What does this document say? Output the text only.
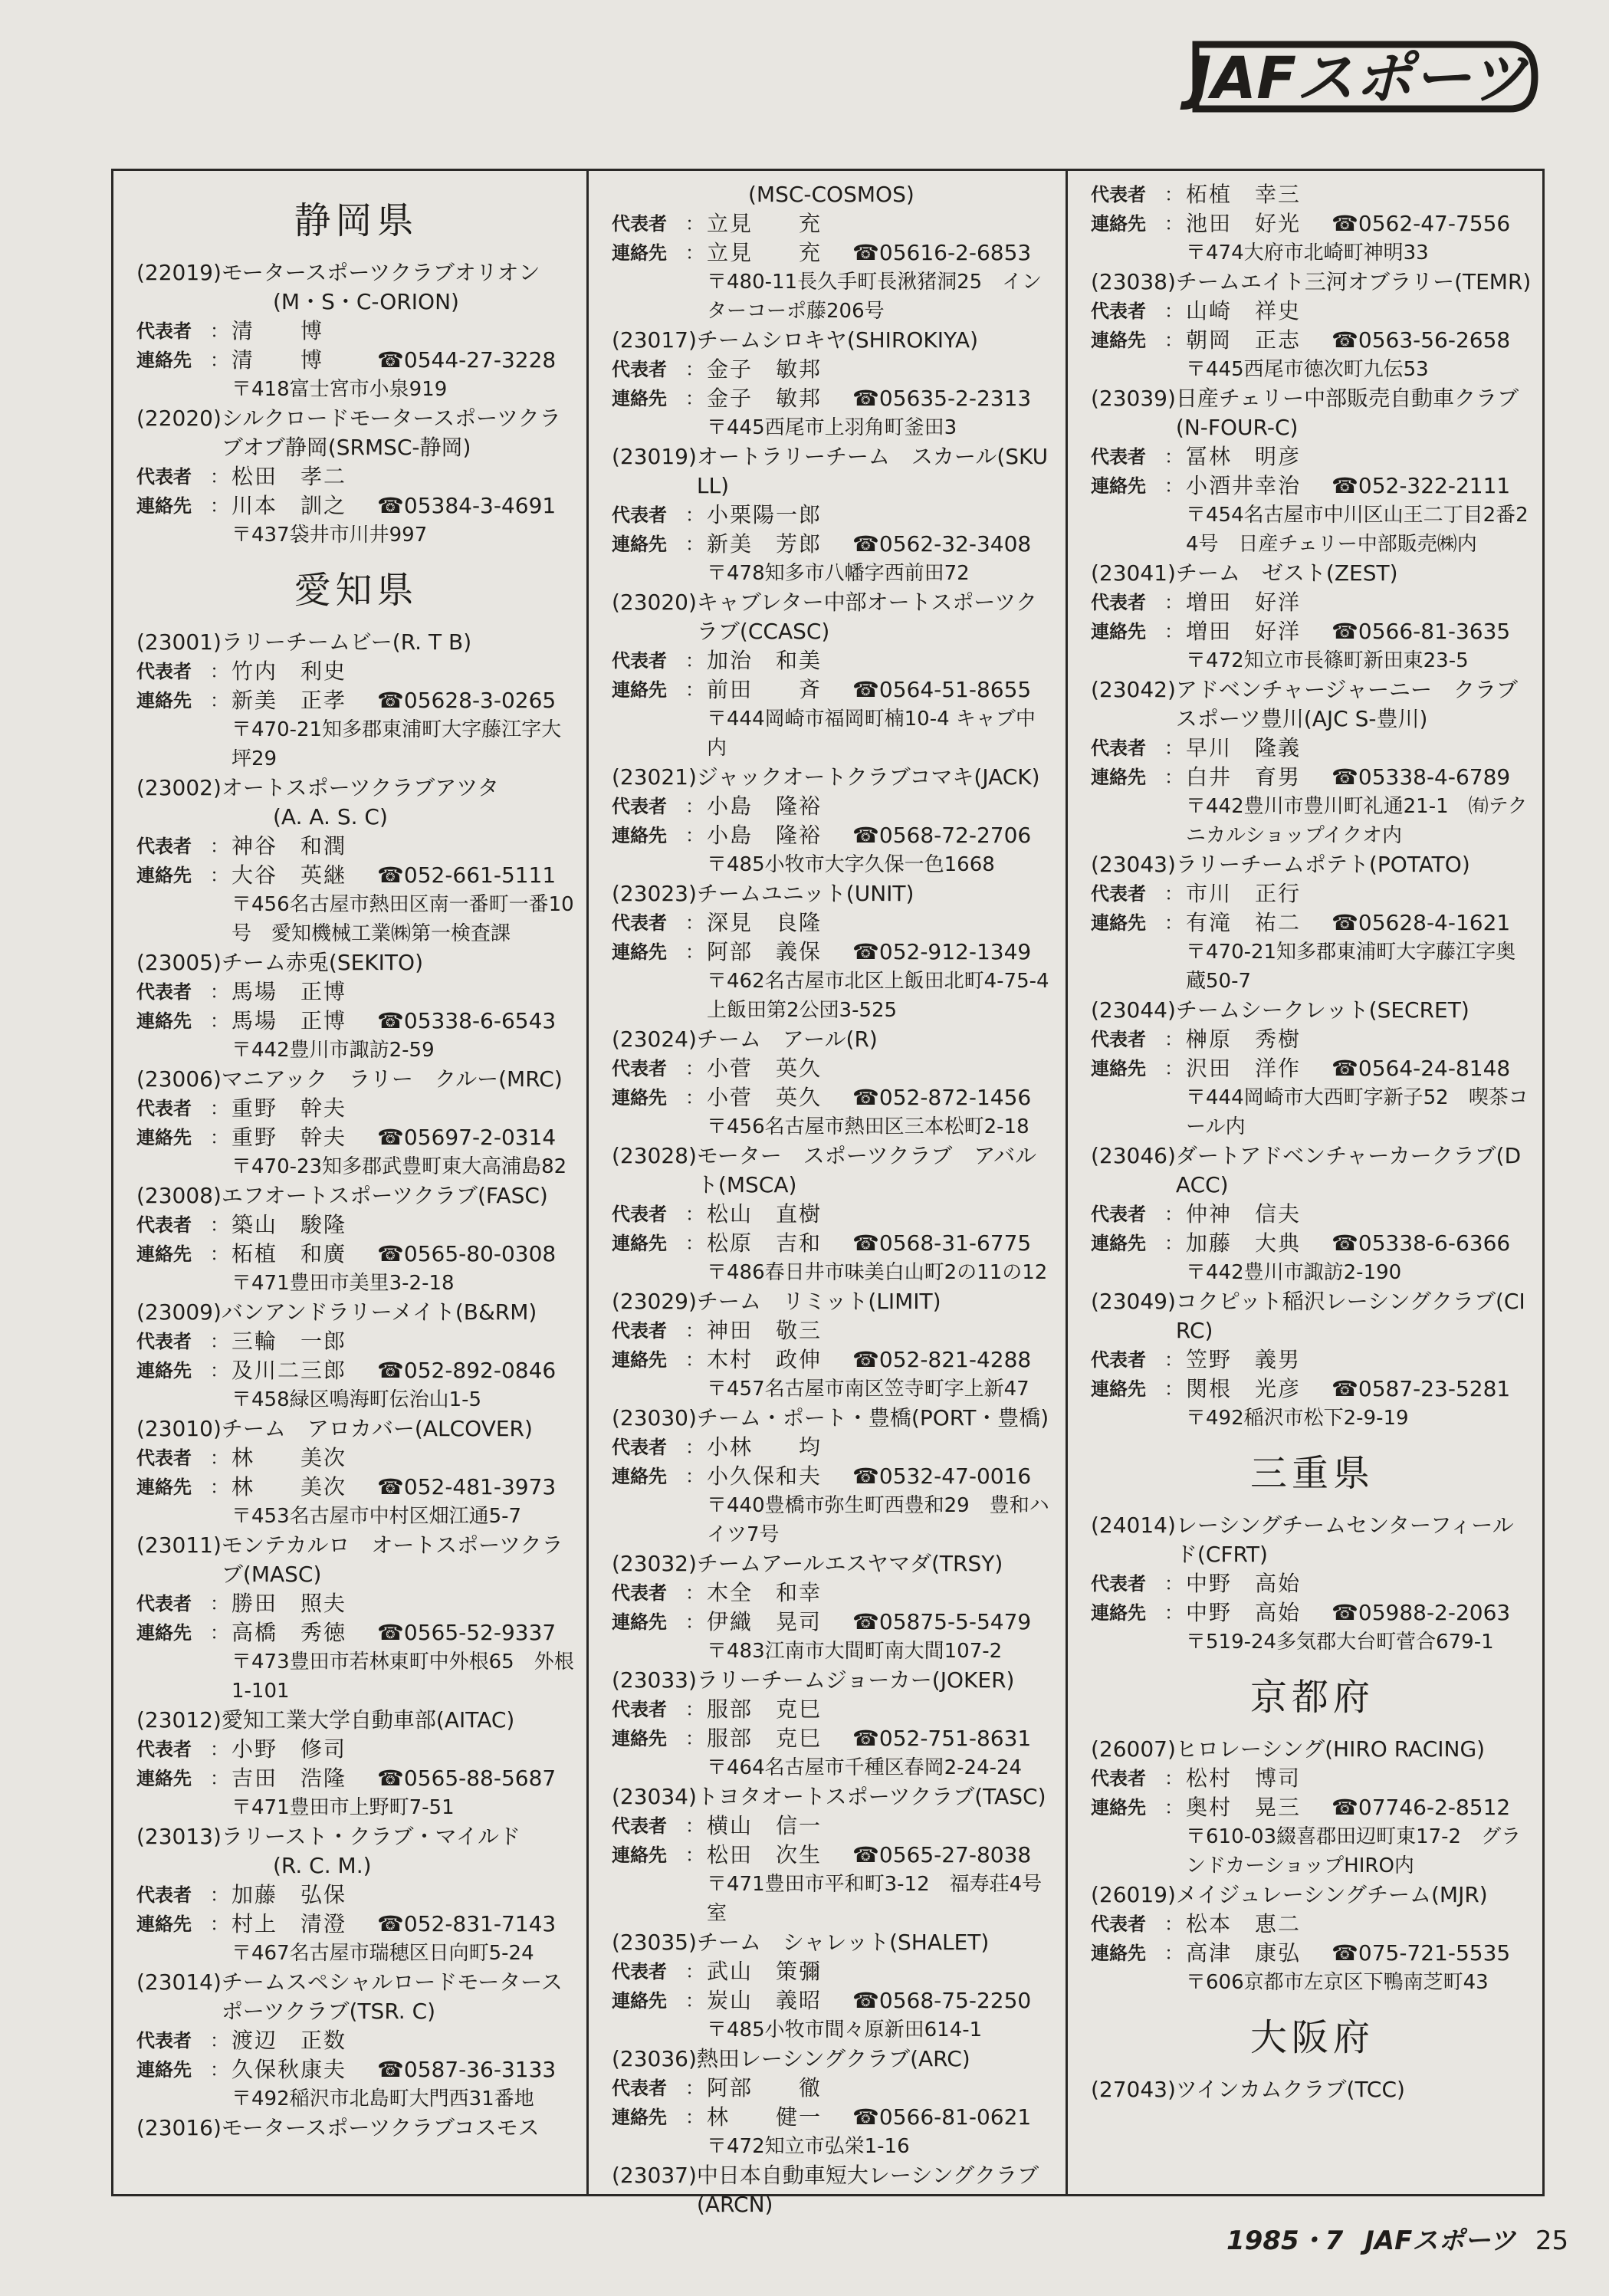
JAFスポーツ
静岡県
(22019) モータースポーツクラブオリオン
(M・S・C-ORION)
代表者	： 清　　博
連絡先	： 清　　博	☎0544-27-3228
〒418富士宮市小泉919
(22020) シルクロードモータースポーツクラブオブ静岡(SRMSC-静岡)
代表者	： 松田　孝二
連絡先	： 川本　訓之	☎05384-3-4691
〒437袋井市川井997
愛知県
(23001) ラリーチームビー(R. T B)
代表者	： 竹内　利史
連絡先	： 新美　正孝	☎05628-3-0265
〒470-21知多郡東浦町大字藤江字大坪29
(23002) オートスポーツクラブアツタ
(A. A. S. C)
代表者	： 神谷　和潤
連絡先	： 大谷　英継	☎052-661-5111
〒456名古屋市熱田区南一番町一番10号　愛知機械工業㈱第一検査課
(23005) チーム赤兎(SEKITO)
代表者	： 馬場　正博
連絡先	： 馬場　正博	☎05338-6-6543
〒442豊川市諏訪2-59
(23006) マニアック　ラリー　クルー(MRC)
代表者	： 重野　幹夫
連絡先	： 重野　幹夫	☎05697-2-0314
〒470-23知多郡武豊町東大高浦島82
(23008) エフオートスポーツクラブ(FASC)
代表者	： 築山　駿隆
連絡先	： 柘植　和廣	☎0565-80-0308
〒471豊田市美里3-2-18
(23009) バンアンドラリーメイト(B&RM)
代表者	： 三輪　一郎
連絡先	： 及川二三郎	☎052-892-0846
〒458緑区鳴海町伝治山1-5
(23010) チーム　アロカバー(ALCOVER)
代表者	： 林　　美次
連絡先	： 林　　美次	☎052-481-3973
〒453名古屋市中村区畑江通5-7
(23011) モンテカルロ　オートスポーツクラブ(MASC)
代表者	： 勝田　照夫
連絡先	： 高橋　秀徳	☎0565-52-9337
〒473豊田市若林東町中外根65　外根1-101
(23012) 愛知工業大学自動車部(AITAC)
代表者	： 小野　修司
連絡先	： 吉田　浩隆	☎0565-88-5687
〒471豊田市上野町7-51
(23013) ラリースト・クラブ・マイルド
(R. C. M.)
代表者	： 加藤　弘保
連絡先	： 村上　清澄	☎052-831-7143
〒467名古屋市瑞穂区日向町5-24
(23014) チームスペシャルロードモータースポーツクラブ(TSR. C)
代表者	： 渡辺　正数
連絡先	： 久保秋康夫	☎0587-36-3133
〒492稲沢市北島町大門西31番地
(23016) モータースポーツクラブコスモス
(MSC-COSMOS)
代表者	： 立見　　充
連絡先	： 立見　　充	☎05616-2-6853
〒480-11長久手町長湫猪洞25　インターコーポ藤206号
(23017) チームシロキヤ(SHIROKIYA)
代表者	： 金子　敏邦
連絡先	： 金子　敏邦	☎05635-2-2313
〒445西尾市上羽角町釜田3
(23019) オートラリーチーム　スカール(SKULL)
代表者	： 小栗陽一郎
連絡先	： 新美　芳郎	☎0562-32-3408
〒478知多市八幡字西前田72
(23020) キャブレター中部オートスポーツクラブ(CCASC)
代表者	： 加治　和美
連絡先	： 前田　　斉	☎0564-51-8655
〒444岡崎市福岡町楠10-4 キャブ中内
(23021) ジャックオートクラブコマキ(JACK)
代表者	： 小島　隆裕
連絡先	： 小島　隆裕	☎0568-72-2706
〒485小牧市大字久保一色1668
(23023) チームユニット(UNIT)
代表者	： 深見　良隆
連絡先	： 阿部　義保	☎052-912-1349
〒462名古屋市北区上飯田北町4-75-4　上飯田第2公団3-525
(23024) チーム　アール(R)
代表者	： 小菅　英久
連絡先	： 小菅　英久	☎052-872-1456
〒456名古屋市熱田区三本松町2-18
(23028) モーター　スポーツクラブ　アバルト(MSCA)
代表者	： 松山　直樹
連絡先	： 松原　吉和	☎0568-31-6775
〒486春日井市味美白山町2の11の12
(23029) チーム　リミット(LIMIT)
代表者	： 神田　敬三
連絡先	： 木村　政伸	☎052-821-4288
〒457名古屋市南区笠寺町字上新47
(23030) チーム・ポート・豊橋(PORT・豊橋)
代表者	： 小林　　均
連絡先	： 小久保和夫	☎0532-47-0016
〒440豊橋市弥生町西豊和29　豊和ハイツ7号
(23032) チームアールエスヤマダ(TRSY)
代表者	： 木全　和幸
連絡先	： 伊織　晃司	☎05875-5-5479
〒483江南市大間町南大間107-2
(23033) ラリーチームジョーカー(JOKER)
代表者	： 服部　克巳
連絡先	： 服部　克巳	☎052-751-8631
〒464名古屋市千種区春岡2-24-24
(23034) トヨタオートスポーツクラブ(TASC)
代表者	： 横山　信一
連絡先	： 松田　次生	☎0565-27-8038
〒471豊田市平和町3-12　福寿荘4号室
(23035) チーム　シャレット(SHALET)
代表者	： 武山　策彌
連絡先	： 炭山　義昭	☎0568-75-2250
〒485小牧市間々原新田614-1
(23036) 熱田レーシングクラブ(ARC)
代表者	： 阿部　　徹
連絡先	： 林　　健一	☎0566-81-0621
〒472知立市弘栄1-16
(23037) 中日本自動車短大レーシングクラブ(ARCN)
代表者	： 柘植　幸三
連絡先	： 池田　好光	☎0562-47-7556
〒474大府市北崎町神明33
(23038) チームエイト三河オブラリー(TEMR)
代表者	： 山崎　祥史
連絡先	： 朝岡　正志	☎0563-56-2658
〒445西尾市徳次町九伝53
(23039) 日産チェリー中部販売自動車クラブ(N-FOUR-C)
代表者	： 冨林　明彦
連絡先	： 小酒井幸治	☎052-322-2111
〒454名古屋市中川区山王二丁目2番24号　日産チェリー中部販売㈱内
(23041) チーム　ゼスト(ZEST)
代表者	： 増田　好洋
連絡先	： 増田　好洋	☎0566-81-3635
〒472知立市長篠町新田東23-5
(23042) アドベンチャージャーニー　クラブスポーツ豊川(AJC S-豊川)
代表者	： 早川　隆義
連絡先	： 白井　育男	☎05338-4-6789
〒442豊川市豊川町礼通21-1　㈲テクニカルショップイクオ内
(23043) ラリーチームポテト(POTATO)
代表者	： 市川　正行
連絡先	： 有滝　祐二	☎05628-4-1621
〒470-21知多郡東浦町大字藤江字奥蔵50-7
(23044) チームシークレット(SECRET)
代表者	： 榊原　秀樹
連絡先	： 沢田　洋作	☎0564-24-8148
〒444岡崎市大西町字新子52　喫茶コール内
(23046) ダートアドベンチャーカークラブ(DACC)
代表者	： 仲神　信夫
連絡先	： 加藤　大典	☎05338-6-6366
〒442豊川市諏訪2-190
(23049) コクピット稲沢レーシングクラブ(CIRC)
代表者	： 笠野　義男
連絡先	： 関根　光彦	☎0587-23-5281
〒492稲沢市松下2-9-19
三重県
(24014) レーシングチームセンターフィールド(CFRT)
代表者	： 中野　高始
連絡先	： 中野　高始	☎05988-2-2063
〒519-24多気郡大台町菅合679-1
京都府
(26007) ヒロレーシング(HIRO RACING)
代表者	： 松村　博司
連絡先	： 奥村　晃三	☎07746-2-8512
〒610-03綴喜郡田辺町東17-2　グランドカーショップHIRO内
(26019) メイジュレーシングチーム(MJR)
代表者	： 松本　恵二
連絡先	： 高津　康弘	☎075-721-5535
〒606京都市左京区下鴨南芝町43
大阪府
(27043) ツインカムクラブ(TCC)
1985・7 JAFスポーツ 25
